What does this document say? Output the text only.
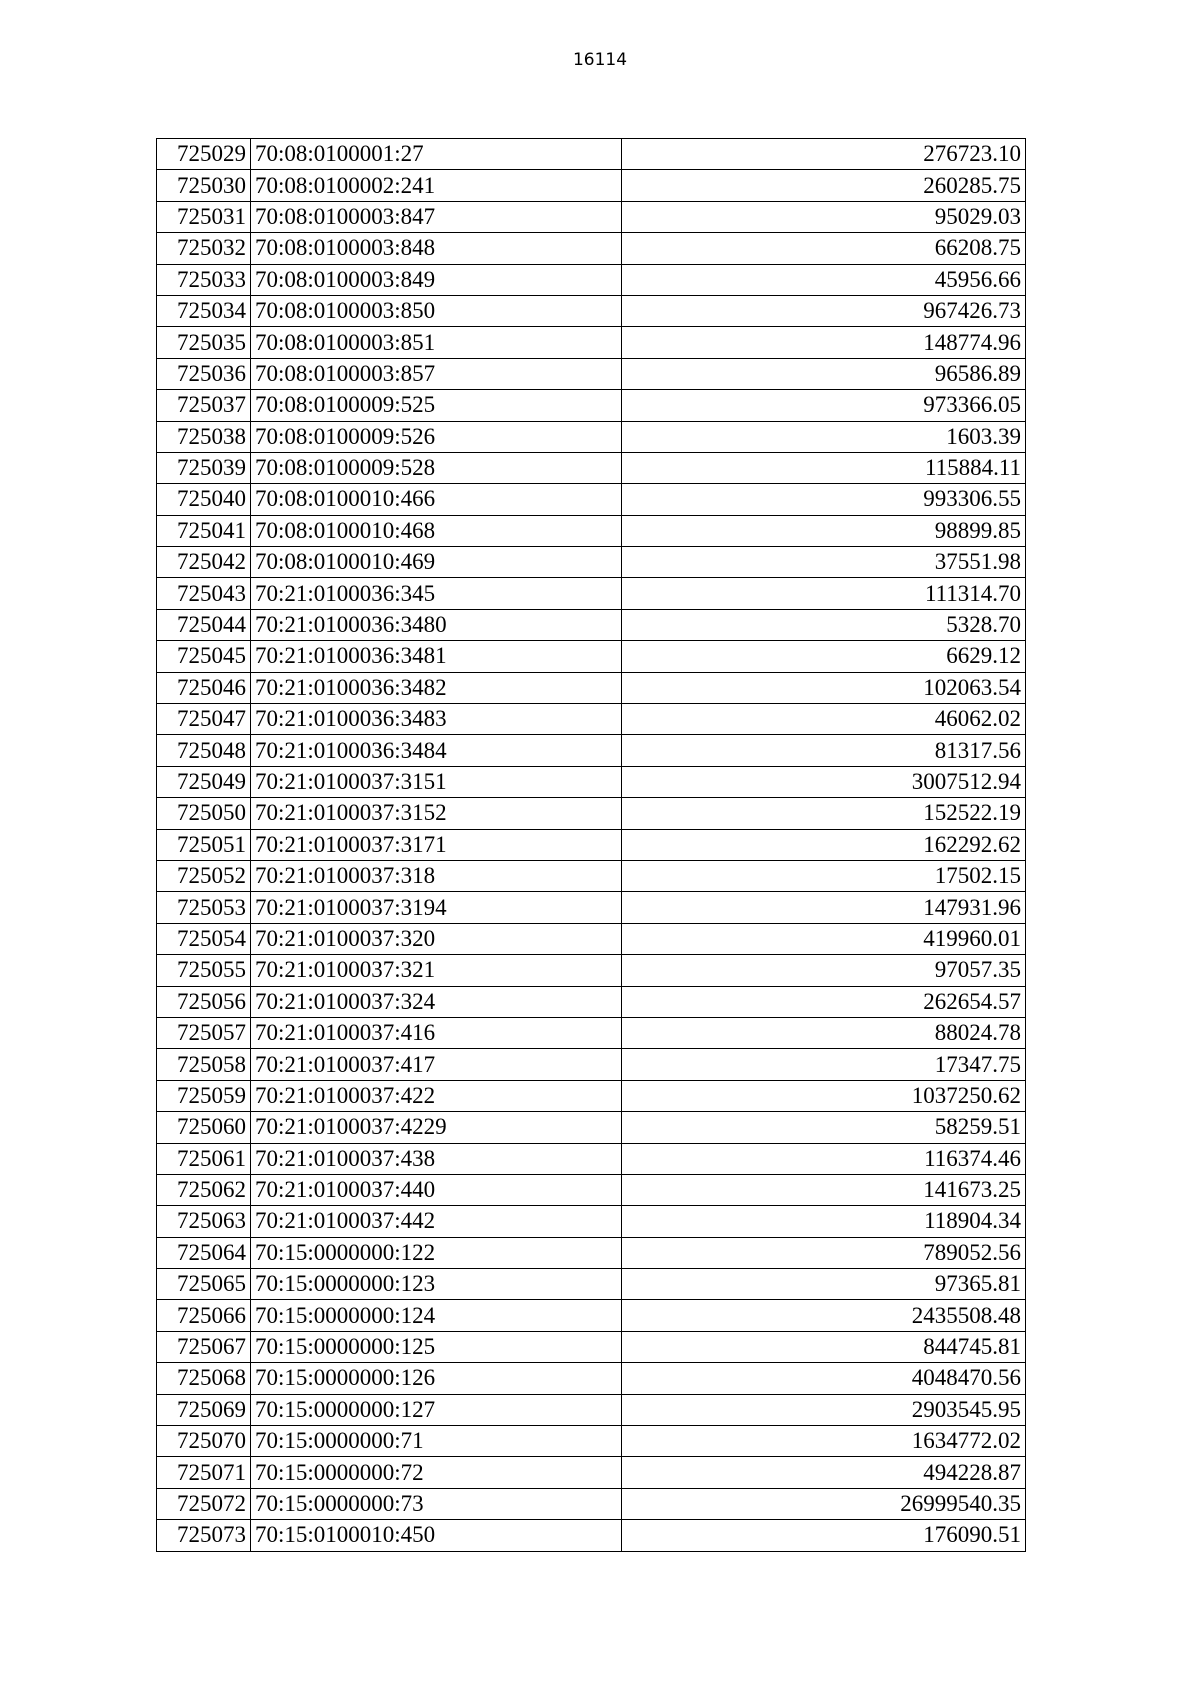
16114
725029	70:08:0100001:27	276723.10
725030	70:08:0100002:241	260285.75
725031	70:08:0100003:847	95029.03
725032	70:08:0100003:848	66208.75
725033	70:08:0100003:849	45956.66
725034	70:08:0100003:850	967426.73
725035	70:08:0100003:851	148774.96
725036	70:08:0100003:857	96586.89
725037	70:08:0100009:525	973366.05
725038	70:08:0100009:526	1603.39
725039	70:08:0100009:528	115884.11
725040	70:08:0100010:466	993306.55
725041	70:08:0100010:468	98899.85
725042	70:08:0100010:469	37551.98
725043	70:21:0100036:345	111314.70
725044	70:21:0100036:3480	5328.70
725045	70:21:0100036:3481	6629.12
725046	70:21:0100036:3482	102063.54
725047	70:21:0100036:3483	46062.02
725048	70:21:0100036:3484	81317.56
725049	70:21:0100037:3151	3007512.94
725050	70:21:0100037:3152	152522.19
725051	70:21:0100037:3171	162292.62
725052	70:21:0100037:318	17502.15
725053	70:21:0100037:3194	147931.96
725054	70:21:0100037:320	419960.01
725055	70:21:0100037:321	97057.35
725056	70:21:0100037:324	262654.57
725057	70:21:0100037:416	88024.78
725058	70:21:0100037:417	17347.75
725059	70:21:0100037:422	1037250.62
725060	70:21:0100037:4229	58259.51
725061	70:21:0100037:438	116374.46
725062	70:21:0100037:440	141673.25
725063	70:21:0100037:442	118904.34
725064	70:15:0000000:122	789052.56
725065	70:15:0000000:123	97365.81
725066	70:15:0000000:124	2435508.48
725067	70:15:0000000:125	844745.81
725068	70:15:0000000:126	4048470.56
725069	70:15:0000000:127	2903545.95
725070	70:15:0000000:71	1634772.02
725071	70:15:0000000:72	494228.87
725072	70:15:0000000:73	26999540.35
725073	70:15:0100010:450	176090.51
